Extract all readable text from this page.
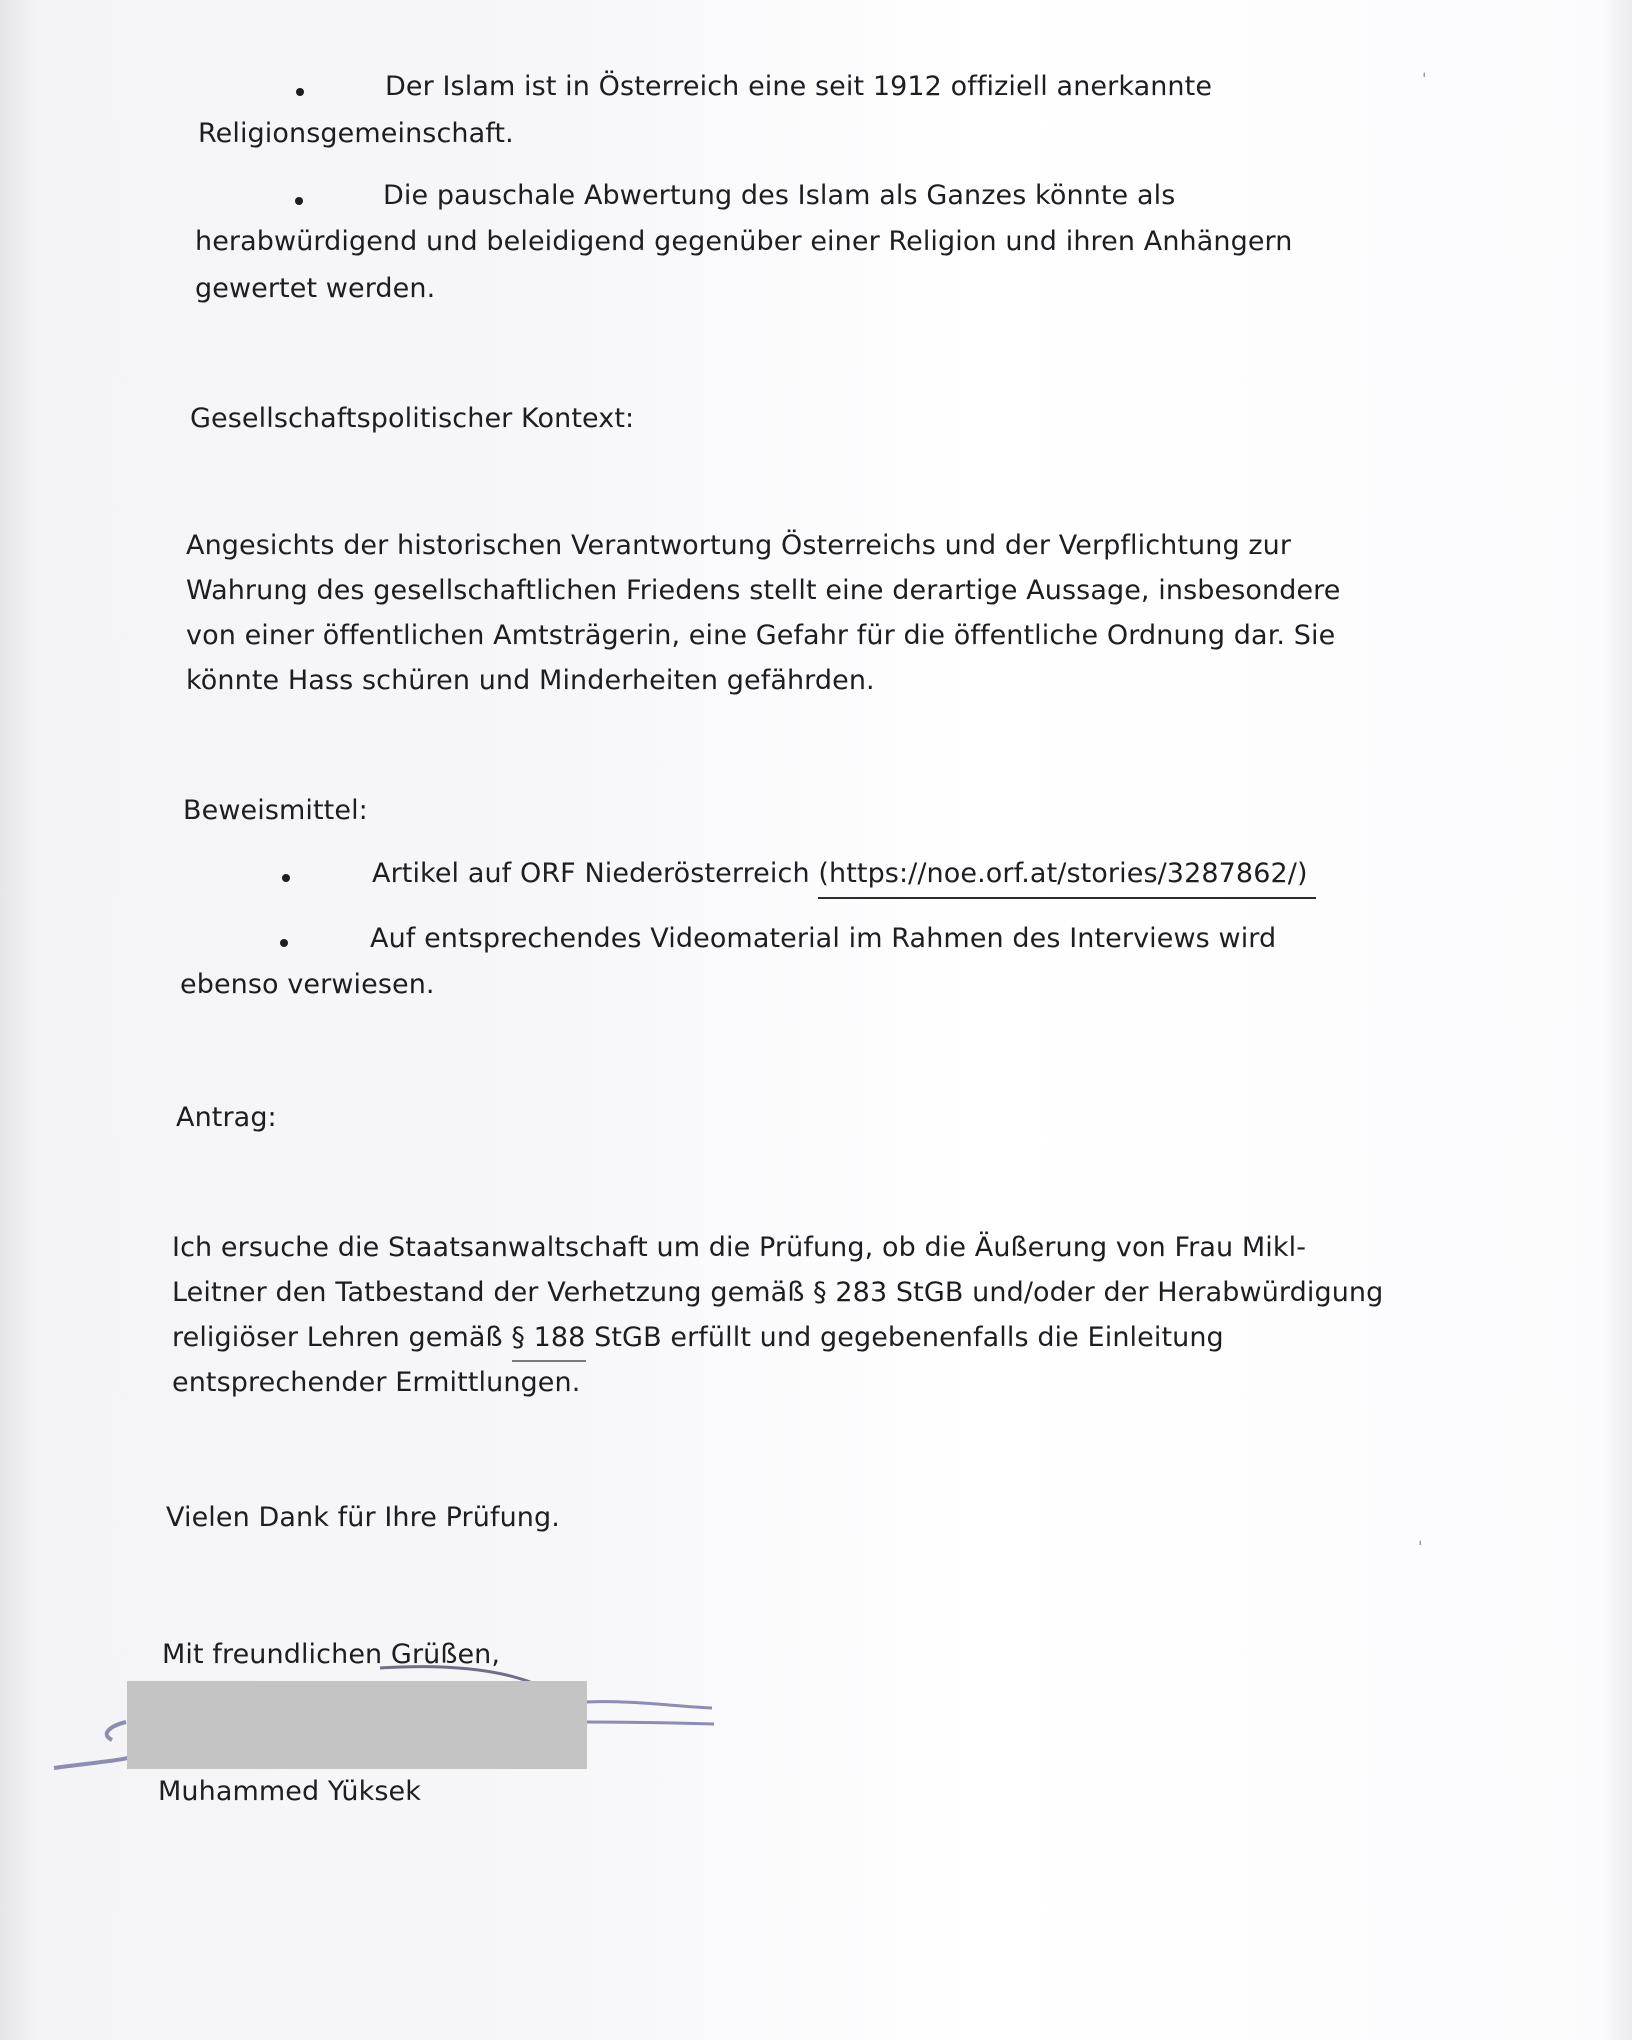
ˈ
ˈ
Der Islam ist in Österreich eine seit 1912 offiziell anerkannte
Religionsgemeinschaft.
Die pauschale Abwertung des Islam als Ganzes könnte als
herabwürdigend und beleidigend gegenüber einer Religion und ihren Anhängern
gewertet werden.
Gesellschaftspolitischer Kontext:
Angesichts der historischen Verantwortung Österreichs und der Verpflichtung zur
Wahrung des gesellschaftlichen Friedens stellt eine derartige Aussage, insbesondere
von einer öffentlichen Amtsträgerin, eine Gefahr für die öffentliche Ordnung dar. Sie
könnte Hass schüren und Minderheiten gefährden.
Beweismittel:
Artikel auf ORF Niederösterreich (https://noe.orf.at/stories/3287862/)
Auf entsprechendes Videomaterial im Rahmen des Interviews wird
ebenso verwiesen.
Antrag:
Ich ersuche die Staatsanwaltschaft um die Prüfung, ob die Äußerung von Frau Mikl-
Leitner den Tatbestand der Verhetzung gemäß § 283 StGB und/oder der Herabwürdigung
religiöser Lehren gemäß § 188 StGB erfüllt und gegebenenfalls die Einleitung
entsprechender Ermittlungen.
Vielen Dank für Ihre Prüfung.
Mit freundlichen Grüßen,
Muhammed Yüksek
